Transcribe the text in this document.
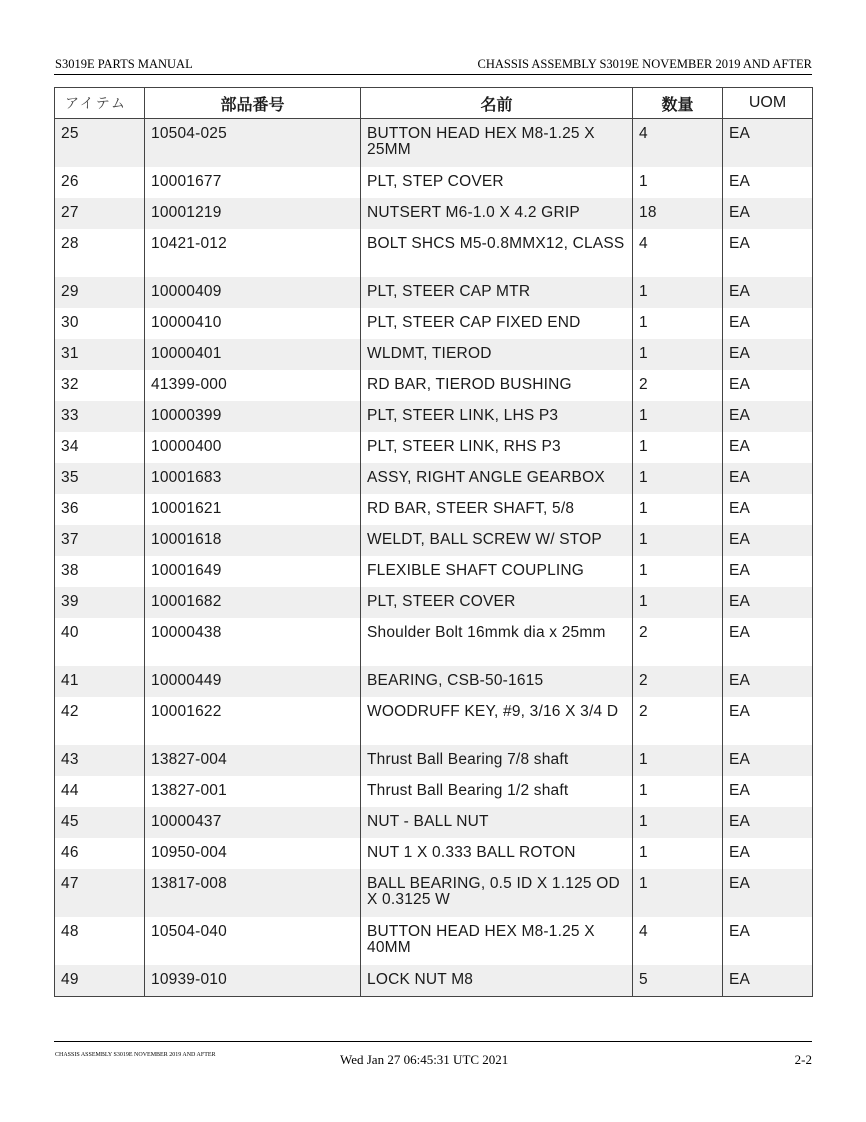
S3019E PARTS MANUAL	CHASSIS ASSEMBLY S3019E NOVEMBER 2019 AND AFTER
アイテム	部品番号	名前	数量	UOM
25	10504-025	BUTTON HEAD HEX M8-1.25 X 25MM	4	EA
26	10001677	PLT, STEP COVER	1	EA
27	10001219	NUTSERT M6-1.0 X 4.2 GRIP	18	EA
28	10421-012	BOLT SHCS M5-0.8MMX12, CLASS	4	EA
29	10000409	PLT, STEER CAP MTR	1	EA
30	10000410	PLT, STEER CAP FIXED END	1	EA
31	10000401	WLDMT, TIEROD	1	EA
32	41399-000	RD BAR, TIEROD BUSHING	2	EA
33	10000399	PLT, STEER LINK, LHS P3	1	EA
34	10000400	PLT, STEER LINK, RHS P3	1	EA
35	10001683	ASSY, RIGHT ANGLE GEARBOX	1	EA
36	10001621	RD BAR, STEER SHAFT, 5/8	1	EA
37	10001618	WELDT, BALL SCREW W/ STOP	1	EA
38	10001649	FLEXIBLE SHAFT COUPLING	1	EA
39	10001682	PLT, STEER COVER	1	EA
40	10000438	Shoulder Bolt 16mmk dia x 25mm	2	EA
41	10000449	BEARING, CSB-50-1615	2	EA
42	10001622	WOODRUFF KEY, #9, 3/16 X 3/4 D	2	EA
43	13827-004	Thrust Ball Bearing 7/8 shaft	1	EA
44	13827-001	Thrust Ball Bearing 1/2 shaft	1	EA
45	10000437	NUT - BALL NUT	1	EA
46	10950-004	NUT 1 X 0.333 BALL ROTON	1	EA
47	13817-008	BALL BEARING, 0.5 ID X 1.125 OD X 0.3125 W	1	EA
48	10504-040	BUTTON HEAD HEX M8-1.25 X 40MM	4	EA
49	10939-010	LOCK NUT M8	5	EA
CHASSIS ASSEMBLY S3019E NOVEMBER 2019 AND AFTER	Wed Jan 27 06:45:31 UTC 2021	2-2
